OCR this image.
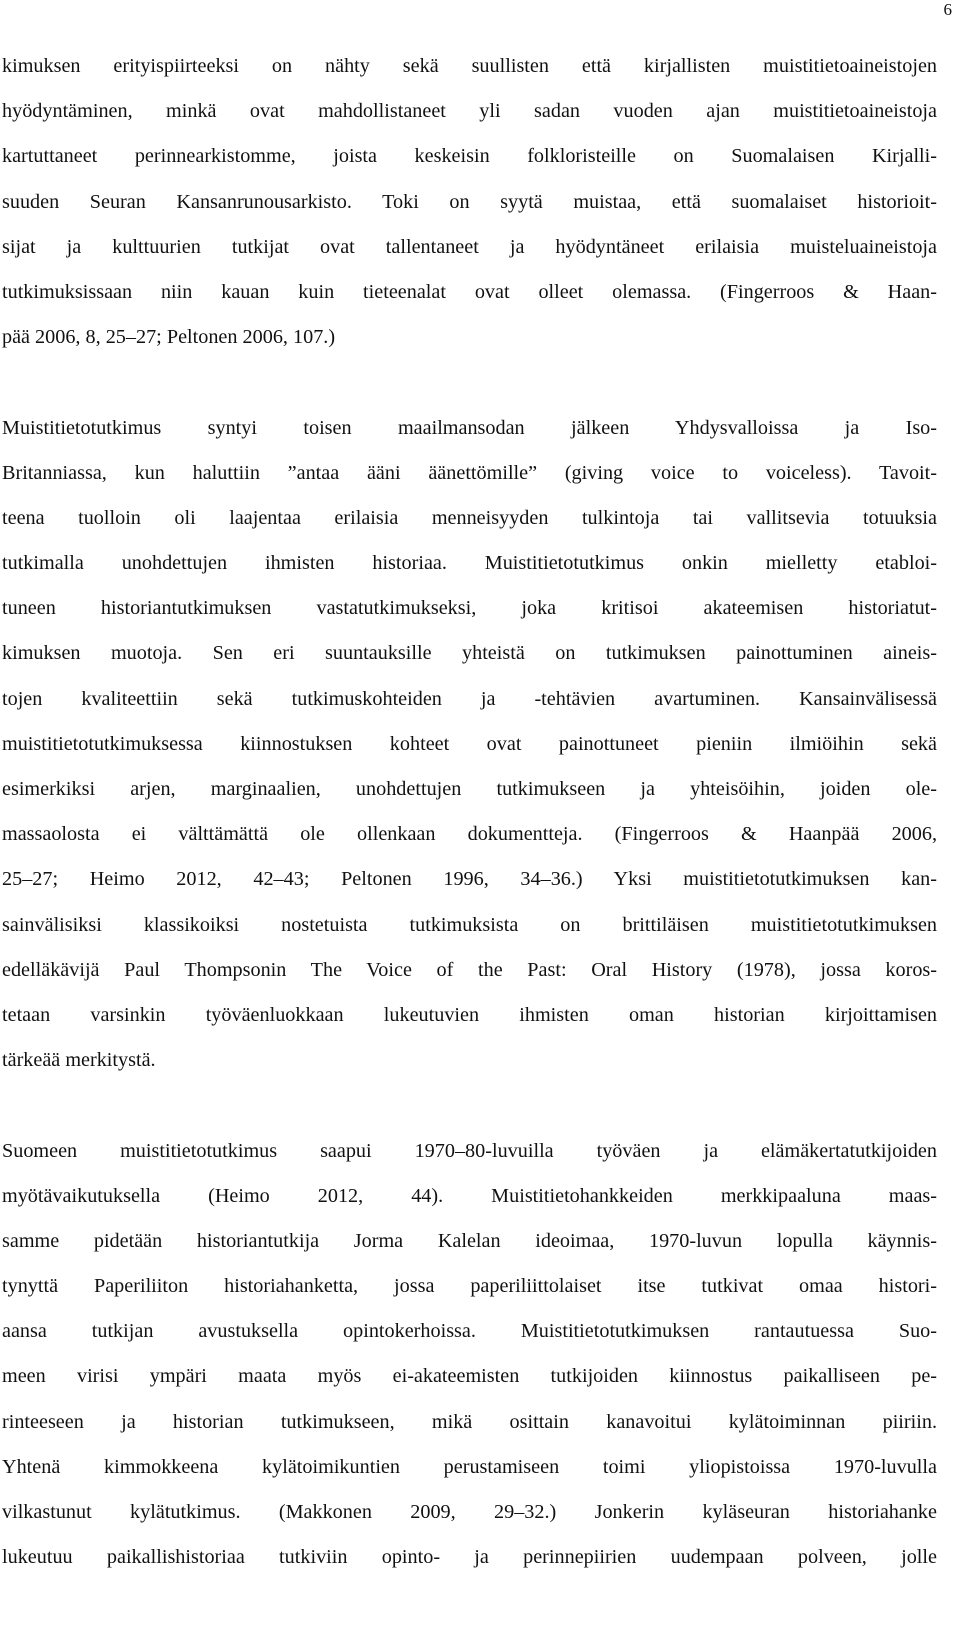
6
kimuksen erityispiirteeksi on nähty sekä suullisten että kirjallisten muistitietoaineistojen
hyödyntäminen, minkä ovat mahdollistaneet yli sadan vuoden ajan muistitietoaineistoja
kartuttaneet perinnearkistomme, joista keskeisin folkloristeille on Suomalaisen Kirjalli-
suuden Seuran Kansanrunousarkisto. Toki on syytä muistaa, että suomalaiset historioit-
sijat ja kulttuurien tutkijat ovat tallentaneet ja hyödyntäneet erilaisia muisteluaineistoja
tutkimuksissaan niin kauan kuin tieteenalat ovat olleet olemassa. (Fingerroos & Haan-
pää 2006, 8, 25–27; Peltonen 2006, 107.)
Muistitietotutkimus syntyi toisen maailmansodan jälkeen Yhdysvalloissa ja Iso-
Britanniassa, kun haluttiin ”antaa ääni äänettömille” (giving voice to voiceless). Tavoit-
teena tuolloin oli laajentaa erilaisia menneisyyden tulkintoja tai vallitsevia totuuksia
tutkimalla unohdettujen ihmisten historiaa. Muistitietotutkimus onkin mielletty etabloi-
tuneen historiantutkimuksen vastatutkimukseksi, joka kritisoi akateemisen historiatut-
kimuksen muotoja. Sen eri suuntauksille yhteistä on tutkimuksen painottuminen aineis-
tojen kvaliteettiin sekä tutkimuskohteiden ja -tehtävien avartuminen. Kansainvälisessä
muistitietotutkimuksessa kiinnostuksen kohteet ovat painottuneet pieniin ilmiöihin sekä
esimerkiksi arjen, marginaalien, unohdettujen tutkimukseen ja yhteisöihin, joiden ole-
massaolosta ei välttämättä ole ollenkaan dokumentteja. (Fingerroos & Haanpää 2006,
25–27; Heimo 2012, 42–43; Peltonen 1996, 34–36.) Yksi muistitietotutkimuksen kan-
sainvälisiksi klassikoiksi nostetuista tutkimuksista on brittiläisen muistitietotutkimuksen
edelläkävijä Paul Thompsonin The Voice of the Past: Oral History (1978), jossa koros-
tetaan varsinkin työväenluokkaan lukeutuvien ihmisten oman historian kirjoittamisen
tärkeää merkitystä.
Suomeen muistitietotutkimus saapui 1970–80-luvuilla työväen ja elämäkertatutkijoiden
myötävaikutuksella (Heimo 2012, 44). Muistitietohankkeiden merkkipaaluna maas-
samme pidetään historiantutkija Jorma Kalelan ideoimaa, 1970-luvun lopulla käynnis-
tynyttä Paperiliiton historiahanketta, jossa paperiliittolaiset itse tutkivat omaa histori-
aansa tutkijan avustuksella opintokerhoissa. Muistitietotutkimuksen rantautuessa Suo-
meen virisi ympäri maata myös ei-akateemisten tutkijoiden kiinnostus paikalliseen pe-
rinteeseen ja historian tutkimukseen, mikä osittain kanavoitui kylätoiminnan piiriin.
Yhtenä kimmokkeena kylätoimikuntien perustamiseen toimi yliopistoissa 1970-luvulla
vilkastunut kylätutkimus. (Makkonen 2009, 29–32.) Jonkerin kyläseuran historiahanke
lukeutuu paikallishistoriaa tutkiviin opinto- ja perinnepiirien uudempaan polveen, jolle
